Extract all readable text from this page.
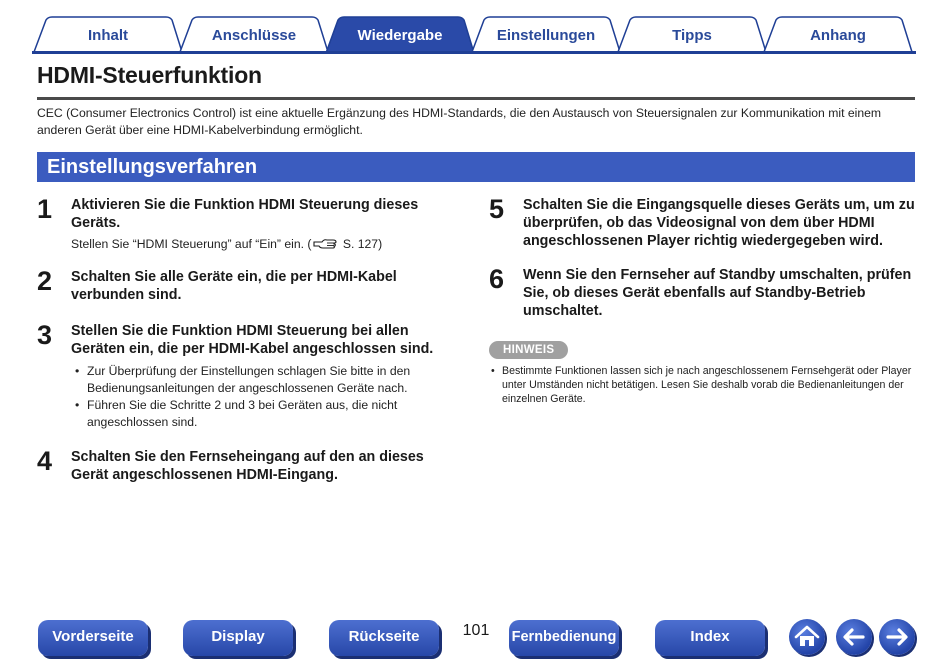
Inhalt	Anschlüsse	Wiedergabe	Einstellungen	Tipps	Anhang
HDMI-Steuerfunktion
CEC (Consumer Electronics Control) ist eine aktuelle Ergänzung des HDMI-Standards, die den Austausch von Steuersignalen zur Kommunikation mit einem anderen Gerät über eine HDMI-Kabelverbindung ermöglicht.
Einstellungsverfahren
1 Aktivieren Sie die Funktion HDMI Steuerung dieses Geräts.
Stellen Sie “HDMI Steuerung” auf “Ein” ein. ( S. 127)
2 Schalten Sie alle Geräte ein, die per HDMI-Kabel verbunden sind.
3 Stellen Sie die Funktion HDMI Steuerung bei allen Geräten ein, die per HDMI-Kabel angeschlossen sind.
• Zur Überprüfung der Einstellungen schlagen Sie bitte in den Bedienungsanleitungen der angeschlossenen Geräte nach.
• Führen Sie die Schritte 2 und 3 bei Geräten aus, die nicht angeschlossen sind.
4 Schalten Sie den Fernseheingang auf den an dieses Gerät angeschlossenen HDMI-Eingang.
5 Schalten Sie die Eingangsquelle dieses Geräts um, um zu überprüfen, ob das Videosignal von dem über HDMI angeschlossenen Player richtig wiedergegeben wird.
6 Wenn Sie den Fernseher auf Standby umschalten, prüfen Sie, ob dieses Gerät ebenfalls auf Standby-Betrieb umschaltet.
HINWEIS
• Bestimmte Funktionen lassen sich je nach angeschlossenem Fernsehgerät oder Player unter Umständen nicht betätigen. Lesen Sie deshalb vorab die Bedienanleitungen der einzelnen Geräte.
Vorderseite	Display	Rückseite	101	Fernbedienung	Index
